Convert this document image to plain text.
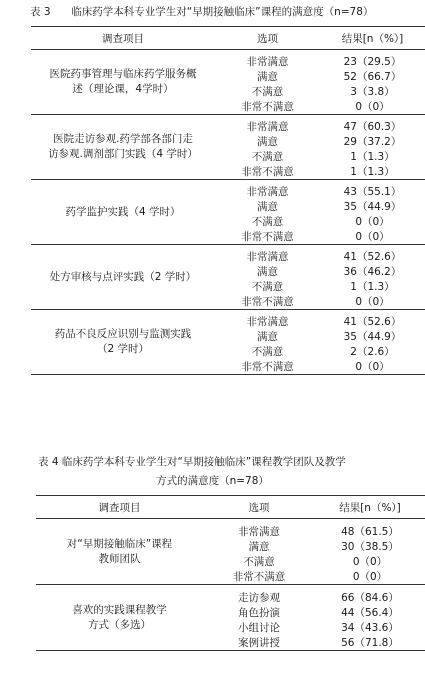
表 3 临床药学本科专业学生对“早期接触临床”课程的满意度（n=78）
调查项目	选项	结果[n（%）]

医院药事管理与临床药学服务概
述（理论课，4学时）	非常满意	23（29.5）
	满意	52（66.7）
	不满意	3（3.8）
	非常不满意	0（0）

医院走访参观.药学部各部门走
访参观.调剂部门实践（4 学时）	非常满意	47（60.3）
	满意	29（37.2）
	不满意	1（1.3）
	非常不满意	1（1.3）

药学监护实践（4 学时）	非常满意	43（55.1）
	满意	35（44.9）
	不满意	0（0）
	非常不满意	0（0）

处方审核与点评实践（2 学时）	非常满意	41（52.6）
	满意	36（46.2）
	不满意	1（1.3）
	非常不满意	0（0）

药品不良反应识别与监测实践
（2 学时）	非常满意	41（52.6）
	满意	35（44.9）
	不满意	2（2.6）
	非常不满意	0（0）
表 4 临床药学本科专业学生对“早期接触临床”课程教学团队及教学
方式的满意度（n=78）
调查项目	选项	结果[n（%）]

对“早期接触临床”课程
教师团队	非常满意	48（61.5）
	满意	30（38.5）
	不满意	0（0）
	非常不满意	0（0）

喜欢的实践课程教学
方式（多选）	走访参观	66（84.6）
	角色扮演	44（56.4）
	小组讨论	34（43.6）
	案例讲授	56（71.8）
